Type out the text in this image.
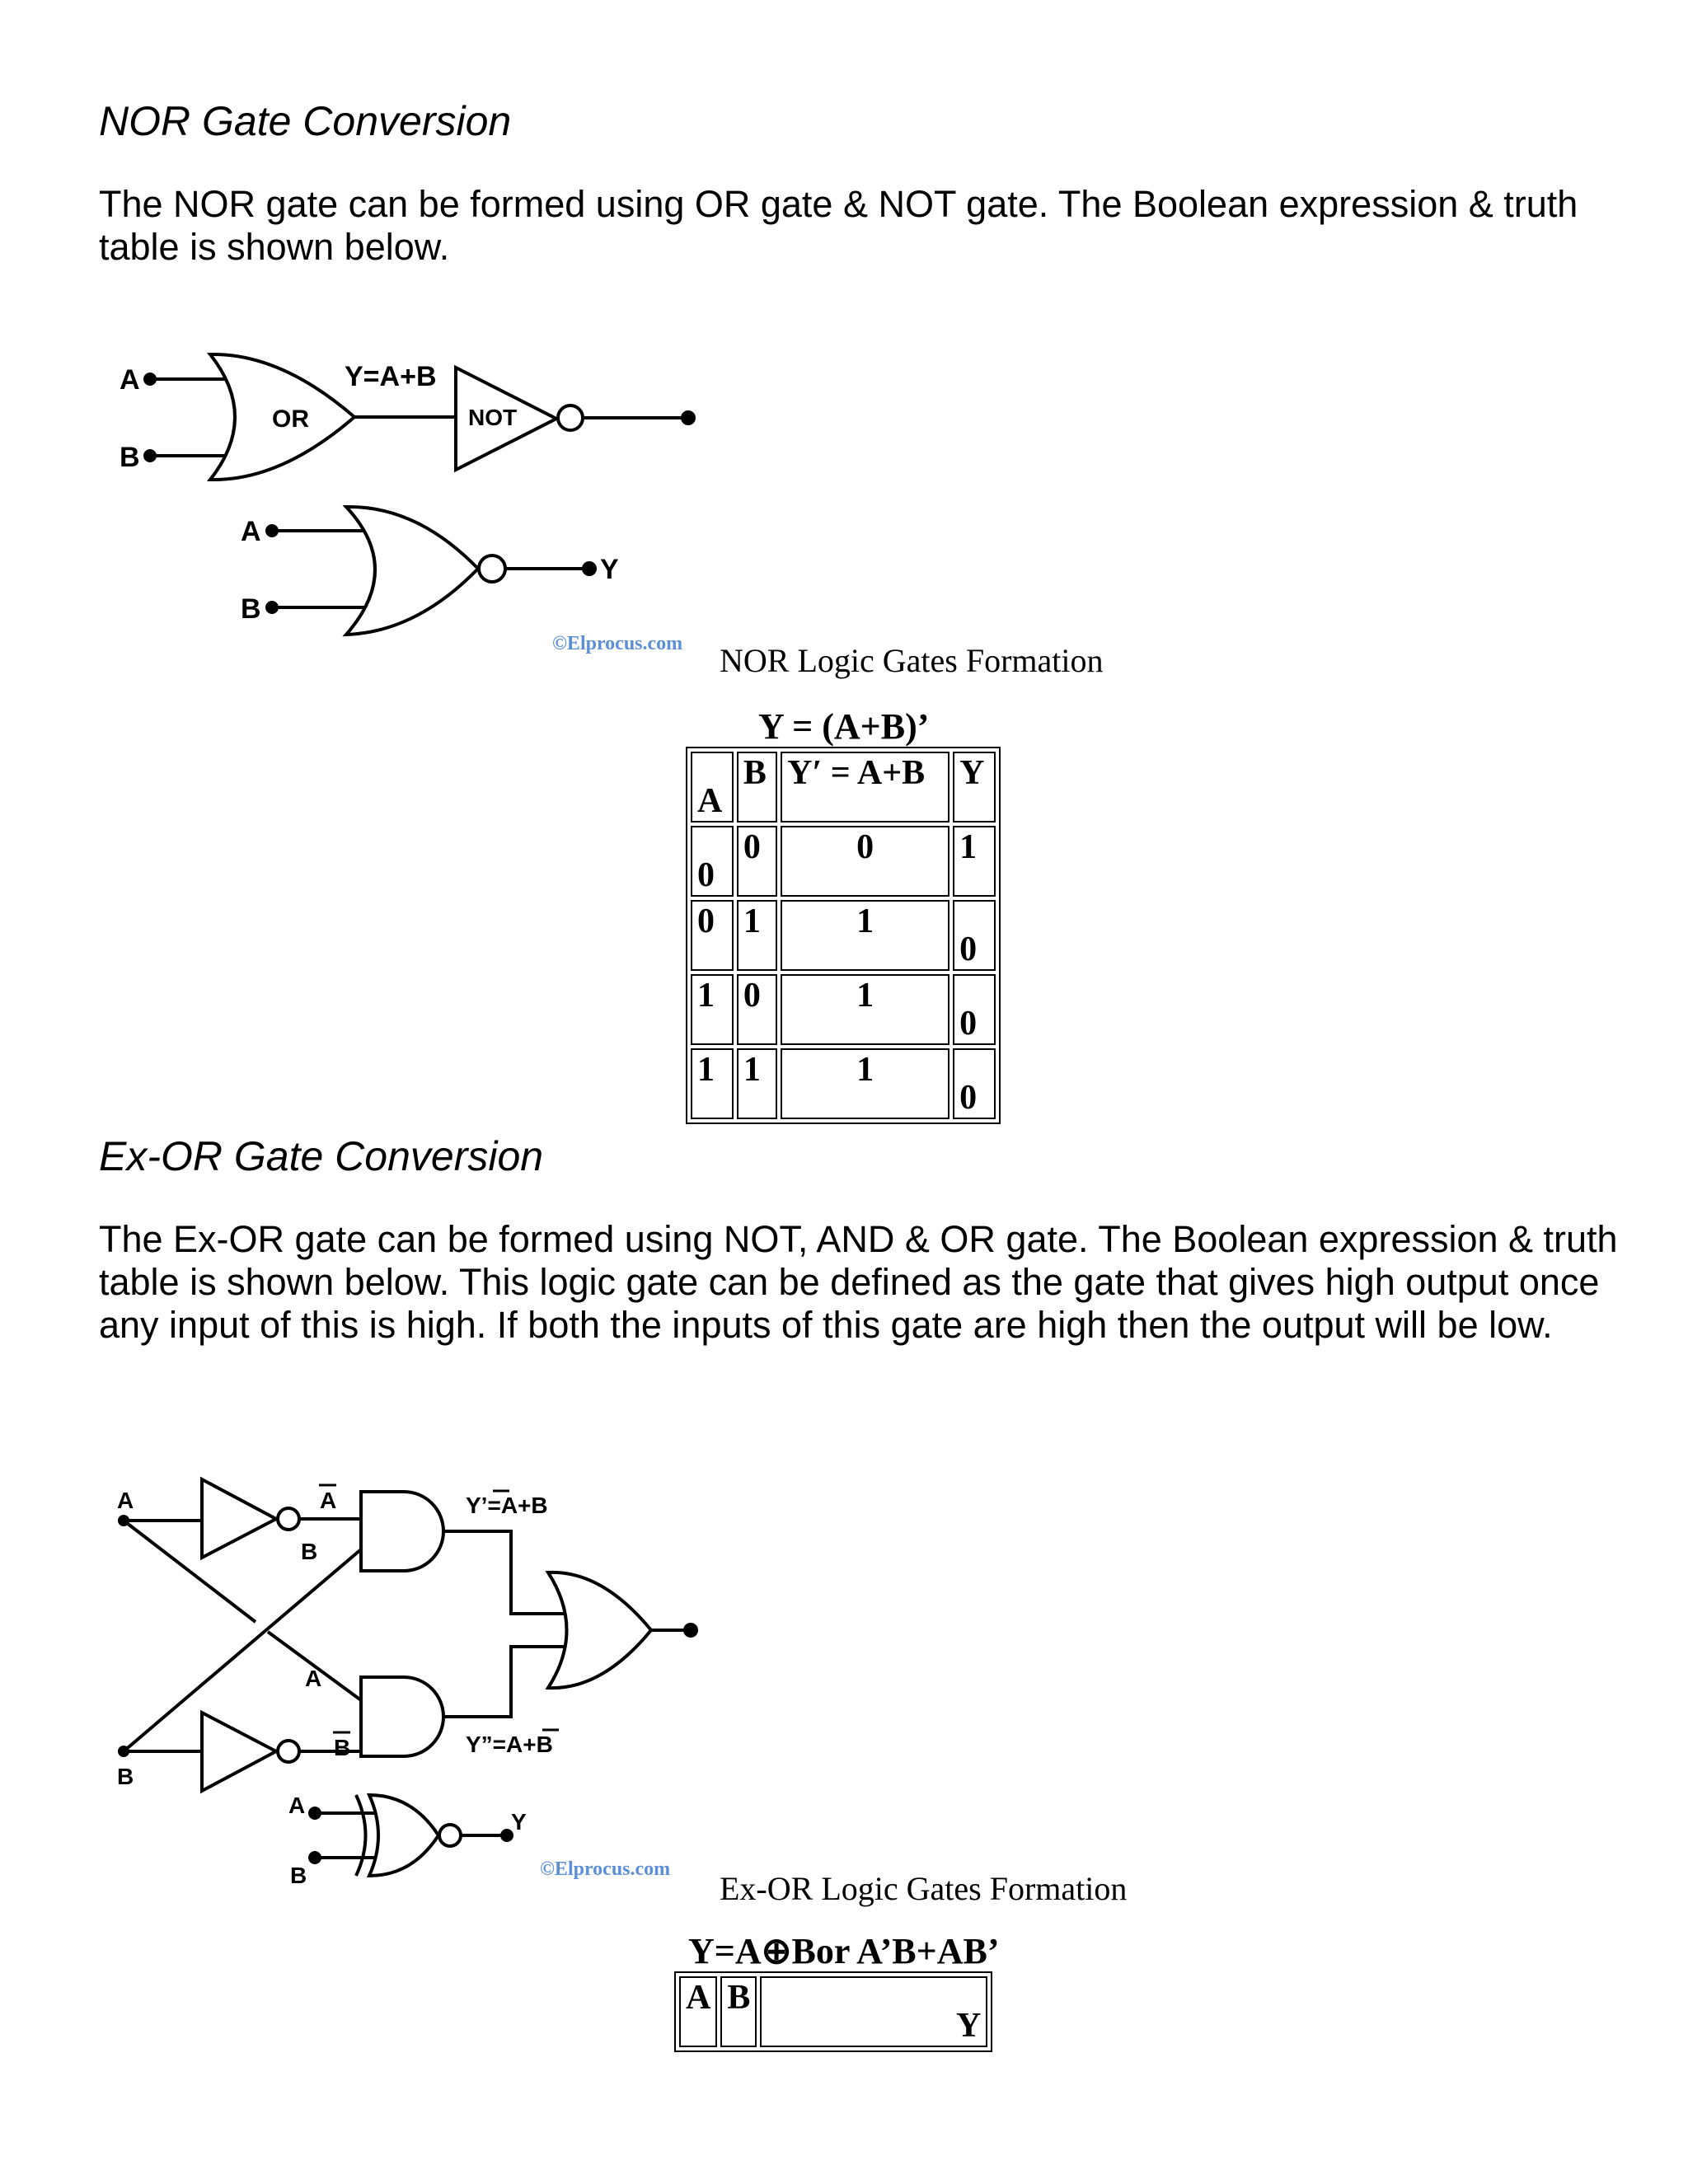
NOR Gate Conversion
The NOR gate can be formed using OR gate & NOT gate. The Boolean expression & truth table is shown below.
A
B
OR
Y=A+B
NOT
A
B
Y
©Elprocus.com NOR Logic Gates Formation
Y = (A+B)’
A	B	Y′ = A+B	Y
0	0	0	1
0	1	1	0
1	0	1	0
1	1	1	0
Ex-OR Gate Conversion
The Ex-OR gate can be formed using NOT, AND & OR gate. The Boolean expression & truth table is shown below. This logic gate can be defined as the gate that gives high output once any input of this is high. If both the inputs of this gate are high then the output will be low.
A
B
A
B
A
B
Y’=A+B
Y”=A+B
A
B
Y
©Elprocus.com
Ex-OR Logic Gates Formation
Y=A⊕Bor A’B+AB’
A	B	Y
